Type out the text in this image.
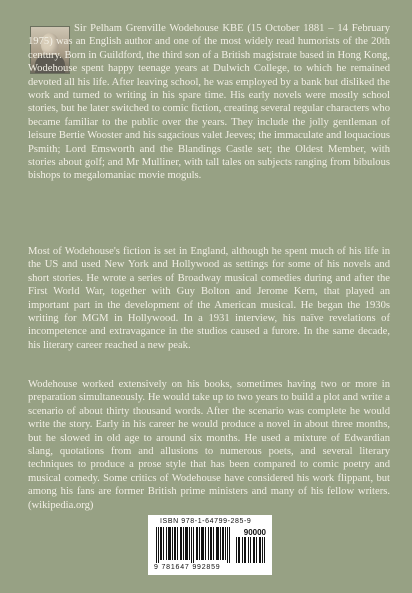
Sir Pelham Grenville Wodehouse KBE (15 October 1881 – 14 February 1975) was an English author and one of the most widely read humorists of the 20th century. Born in Guildford, the third son of a British magistrate based in Hong Kong, Wodehouse spent happy teenage years at Dulwich College, to which he remained devoted all his life. After leaving school, he was employed by a bank but disliked the work and turned to writing in his spare time. His early novels were mostly school stories, but he later switched to comic fiction, creating several regular characters who became familiar to the public over the years. They include the jolly gentleman of leisure Bertie Wooster and his sagacious valet Jeeves; the immaculate and loquacious Psmith; Lord Emsworth and the Blandings Castle set; the Oldest Member, with stories about golf; and Mr Mulliner, with tall tales on subjects ranging from bibulous bishops to megalomaniac movie moguls.

Most of Wodehouse's fiction is set in England, although he spent much of his life in the US and used New York and Hollywood as settings for some of his novels and short stories. He wrote a series of Broadway musical comedies during and after the First World War, together with Guy Bolton and Jerome Kern, that played an important part in the development of the American musical. He began the 1930s writing for MGM in Hollywood. In a 1931 interview, his naïve revelations of incompetence and extravagance in the studios caused a furore. In the same decade, his literary career reached a new peak.

Wodehouse worked extensively on his books, sometimes having two or more in preparation simultaneously. He would take up to two years to build a plot and write a scenario of about thirty thousand words. After the scenario was complete he would write the story. Early in his career he would produce a novel in about three months, but he slowed in old age to around six months. He used a mixture of Edwardian slang, quotations from and allusions to numerous poets, and several literary techniques to produce a prose style that has been compared to comic poetry and musical comedy. Some critics of Wodehouse have considered his work flippant, but among his fans are former British prime ministers and many of his fellow writers. (wikipedia.org)

ISBN 978-1-64799-285-9
90000
9 781647 992859
